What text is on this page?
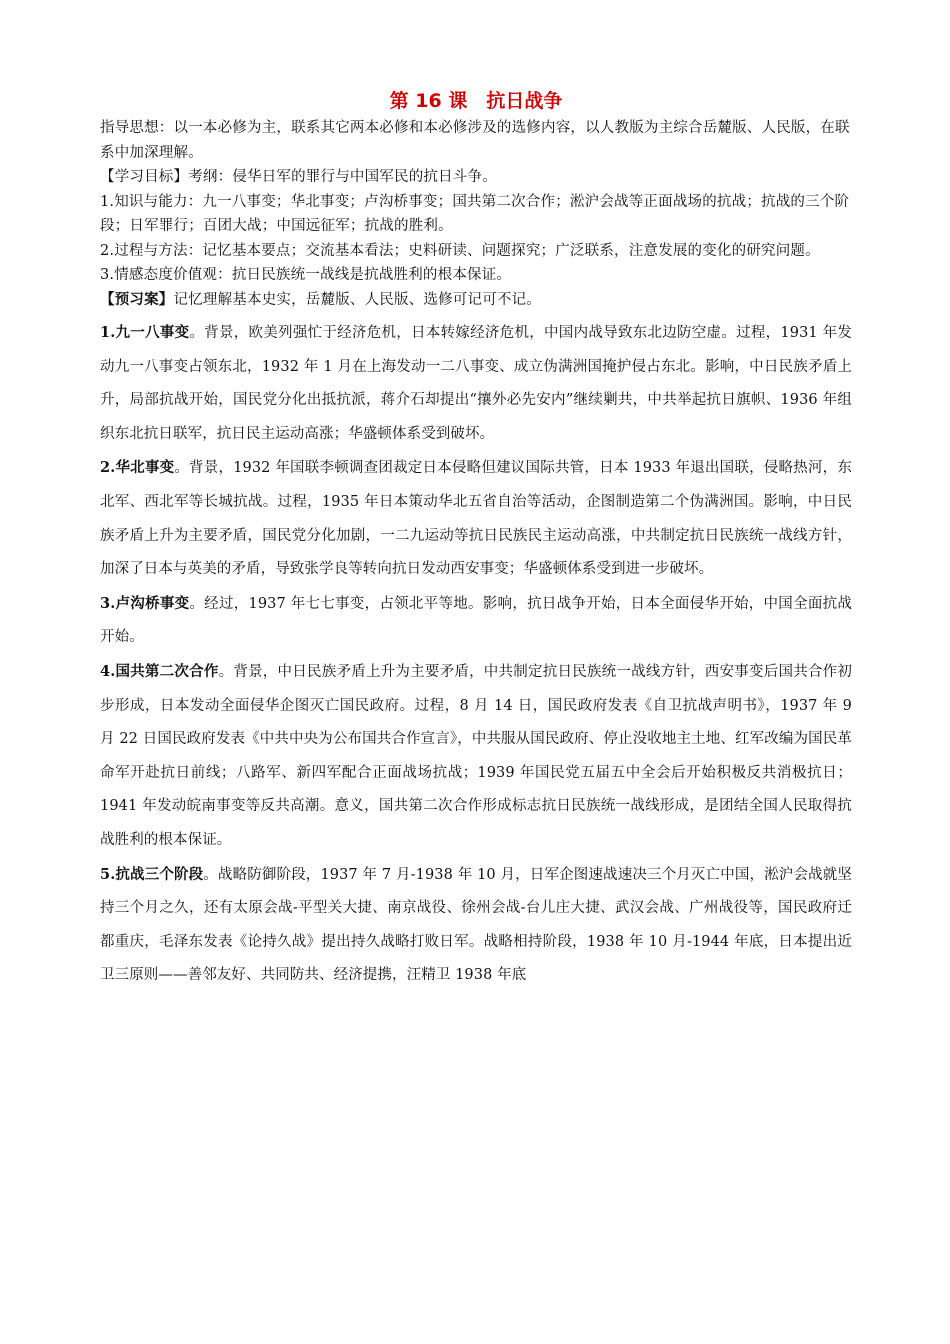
第 16 课　抗日战争

指导思想：以一本必修为主，联系其它两本必修和本必修涉及的选修内容，以人教版为主综合岳麓版、人民版，在联系中加深理解。

【学习目标】考纲：侵华日军的罪行与中国军民的抗日斗争。

1.知识与能力：九一八事变；华北事变；卢沟桥事变；国共第二次合作；淞沪会战等正面战场的抗战；抗战的三个阶段；日军罪行；百团大战；中国远征军；抗战的胜利。

2.过程与方法：记忆基本要点；交流基本看法；史料研读、问题探究；广泛联系，注意发展的变化的研究问题。

3.情感态度价值观：抗日民族统一战线是抗战胜利的根本保证。

【预习案】记忆理解基本史实，岳麓版、人民版、选修可记可不记。

1.九一八事变。背景，欧美列强忙于经济危机，日本转嫁经济危机，中国内战导致东北边防空虚。过程，1931 年发动九一八事变占领东北，1932 年 1 月在上海发动一二八事变、成立伪满洲国掩护侵占东北。影响，中日民族矛盾上升，局部抗战开始，国民党分化出抵抗派，蒋介石却提出“攘外必先安内”继续剿共，中共举起抗日旗帜、1936 年组织东北抗日联军，抗日民主运动高涨；华盛顿体系受到破坏。

2.华北事变。背景，1932 年国联李顿调查团裁定日本侵略但建议国际共管，日本 1933 年退出国联，侵略热河，东北军、西北军等长城抗战。过程，1935 年日本策动华北五省自治等活动，企图制造第二个伪满洲国。影响，中日民族矛盾上升为主要矛盾，国民党分化加剧，一二九运动等抗日民族民主运动高涨，中共制定抗日民族统一战线方针，加深了日本与英美的矛盾，导致张学良等转向抗日发动西安事变；华盛顿体系受到进一步破坏。

3.卢沟桥事变。经过，1937 年七七事变，占领北平等地。影响，抗日战争开始，日本全面侵华开始，中国全面抗战开始。

4.国共第二次合作。背景，中日民族矛盾上升为主要矛盾，中共制定抗日民族统一战线方针，西安事变后国共合作初步形成，日本发动全面侵华企图灭亡国民政府。过程，8 月 14 日，国民政府发表《自卫抗战声明书》，1937 年 9 月 22 日国民政府发表《中共中央为公布国共合作宣言》，中共服从国民政府、停止没收地主土地、红军改编为国民革命军开赴抗日前线；八路军、新四军配合正面战场抗战；1939 年国民党五届五中全会后开始积极反共消极抗日；1941 年发动皖南事变等反共高潮。意义，国共第二次合作形成标志抗日民族统一战线形成，是团结全国人民取得抗战胜利的根本保证。

5.抗战三个阶段。战略防御阶段，1937 年 7 月-1938 年 10 月，日军企图速战速决三个月灭亡中国，淞沪会战就坚持三个月之久，还有太原会战-平型关大捷、南京战役、徐州会战-台儿庄大捷、武汉会战、广州战役等，国民政府迁都重庆，毛泽东发表《论持久战》提出持久战略打败日军。战略相持阶段，1938 年 10 月-1944 年底，日本提出近卫三原则——善邻友好、共同防共、经济提携，汪精卫 1938 年底
